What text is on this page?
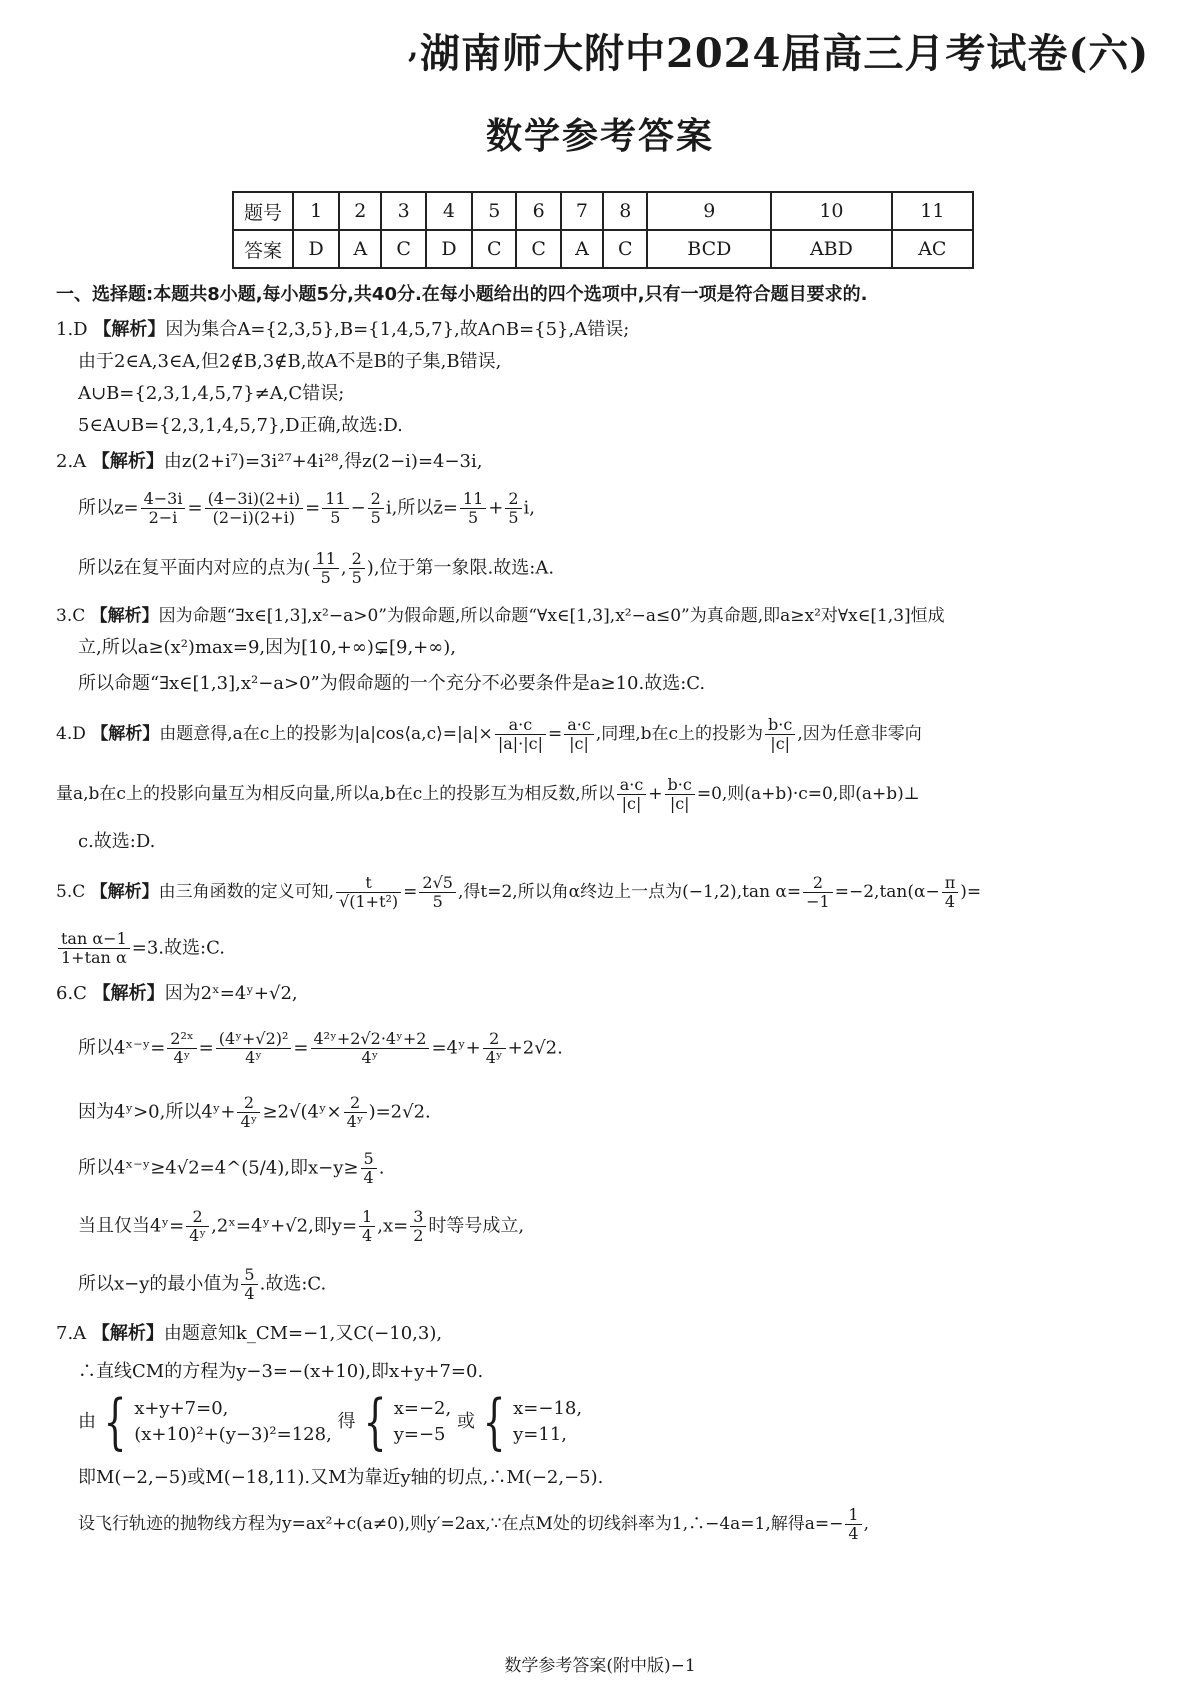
, 湖南师大附中2024届高三月考试卷(六)
数学参考答案
题号	1	2	3	4	5	6	7	8	9	10	11
答案	D	A	C	D	C	C	A	C	BCD	ABD	AC
一、选择题:本题共8小题,每小题5分,共40分.在每小题给出的四个选项中,只有一项是符合题目要求的.
1.D 【解析】因为集合A={2,3,5},B={1,4,5,7},故A∩B={5},A错误;
由于2∈A,3∈A,但2∉B,3∉B,故A不是B的子集,B错误,
A∪B={2,3,1,4,5,7}≠A,C错误;
5∈A∪B={2,3,1,4,5,7},D正确,故选:D.
2.A 【解析】由z(2+i⁷)=3i²⁷+4i²⁸,得z(2−i)=4−3i,
所以$z= \frac{4-3i}{2-i} = \frac{(4-3i)(2+i)}{(2-i)(2+i)} = \frac{11}{5} - \frac{2}{5} i$,所以z̄= $\frac{11}{5} + \frac{2}{5} i$,
所以z̄在复平面内对应的点为( $\frac{11}{5}$ , $\frac{2}{5}$ ),位于第一象限.故选:A.
3.C 【解析】因为命题“∃x∈[1,3],x²−a>0”为假命题,所以命题“∀x∈[1,3],x²−a≤0”为真命题,即a≥x²对∀x∈[1,3]恒成
立,所以a≥(x²)max=9,因为[10,+∞)⊊[9,+∞),
所以命题“∃x∈[1,3],x²−a>0”为假命题的一个充分不必要条件是a≥10.故选:C.
4.D 【解析】由题意得,a在c上的投影为|a|cos⟨a,c⟩=|a|× $\frac{a\cdot c}{|a|\cdot|c|} = \frac{a\cdot c}{|c|}$ ,同理,b在c上的投影为 $\frac{b\cdot c}{|c|}$ ,因为任意非零向
量a,b在c上的投影向量互为相反向量,所以a,b在c上的投影互为相反数,所以 $\frac{a\cdot c}{|c|} + \frac{b\cdot c}{|c|} =0$,则(a+b)·c=0,即(a+b)⊥
c.故选:D.
5.C 【解析】由三角函数的定义可知, $\frac{t}{\text{√(1+t²)}} = \frac{2√5}{5}$ ,得t=2,所以角α终边上一点为(−1,2),tan $\alpha= \frac{2}{-1} =-2,\tan(\alpha- \frac{\pi}{4}$ )=
$\frac{\text{tan α−1}}{\text{1+tan α}} =3$.故选:C.
6.C 【解析】因为2ˣ=4ʸ+√2,
所以4ˣ⁻ʸ= $\frac{\text{2²ˣ}}{\text{4ʸ}} = \frac{\text{(4ʸ+√2)²}}{\text{4ʸ}} = \frac{\text{4²ʸ+2√2·4ʸ+2}}{\text{4ʸ}}$ =4ʸ+ $\frac{2}{\text{4ʸ}} +2√2$.
因为4ʸ>0,所以4ʸ+ $\frac{2}{\text{4ʸ}}$ ≥2√(4ʸ× $\frac{2}{\text{4ʸ}} )=2√2$.
所以4ˣ⁻ʸ≥4√2=4^(5/4),即$x-y\ge \frac{5}{4}$ .
当且仅当4ʸ= $\frac{2}{\text{4ʸ}}$ ,2ˣ=4ʸ+√2,即$y= \frac{1}{4} ,x= \frac{3}{2}$ 时等号成立,
所以x−y的最小值为 $\frac{5}{4}$ .故选:C.
7.A 【解析】由题意知k_CM=−1,又C(−10,3),
∴直线CM的方程为y−3=−(x+10),即x+y+7=0.
由 { x+y+7=0,
(x+10)²+(y−3)²=128,
得 { x=−2,
y=−5
或 { x=−18,
y=11,
即M(−2,−5)或M(−18,11).又M为靠近y轴的切点,∴M(−2,−5).
设飞行轨迹的抛物线方程为y=ax²+c(a≠0),则y′=2ax,∵在点M处的切线斜率为1,∴−4a=1,解得$a=- \frac{1}{4}$ ,
数学参考答案(附中版)−1
